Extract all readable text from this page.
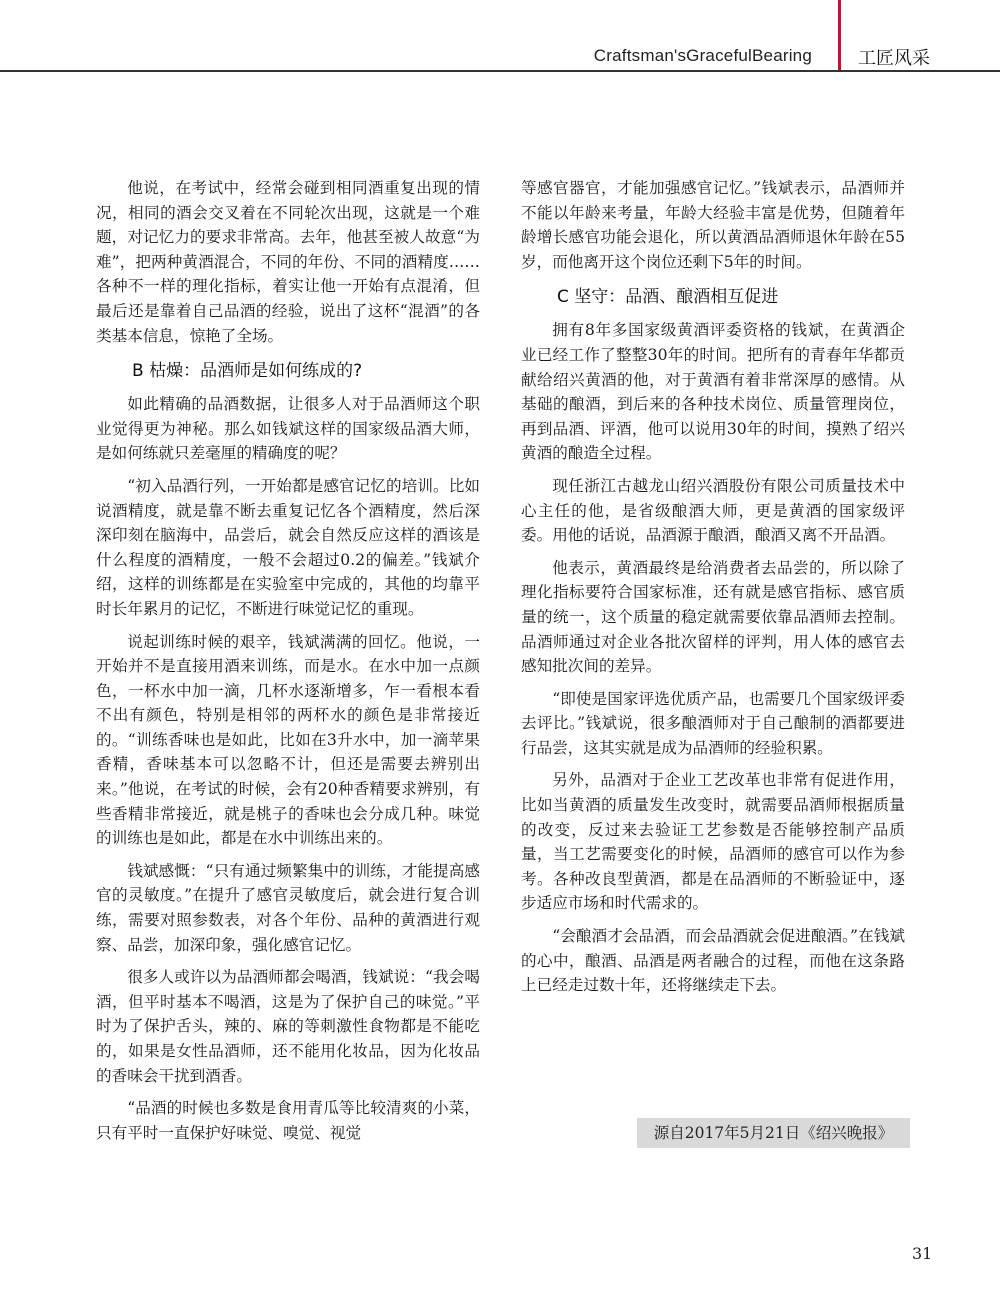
Craftsman'sGracefulBearing	工匠风采

他说，在考试中，经常会碰到相同酒重复出现的情况，相同的酒会交叉着在不同轮次出现，这就是一个难题，对记忆力的要求非常高。去年，他甚至被人故意“为难”，把两种黄酒混合，不同的年份、不同的酒精度……各种不一样的理化指标，着实让他一开始有点混淆，但最后还是靠着自己品酒的经验，说出了这杯“混酒”的各类基本信息，惊艳了全场。

B 枯燥：品酒师是如何练成的?

如此精确的品酒数据，让很多人对于品酒师这个职业觉得更为神秘。那么如钱斌这样的国家级品酒大师，是如何练就只差毫厘的精确度的呢？

“初入品酒行列，一开始都是感官记忆的培训。比如说酒精度，就是靠不断去重复记忆各个酒精度，然后深深印刻在脑海中，品尝后，就会自然反应这样的酒该是什么程度的酒精度，一般不会超过0.2的偏差。”钱斌介绍，这样的训练都是在实验室中完成的，其他的均靠平时长年累月的记忆，不断进行味觉记忆的重现。

说起训练时候的艰辛，钱斌满满的回忆。他说，一开始并不是直接用酒来训练，而是水。在水中加一点颜色，一杯水中加一滴，几杯水逐渐增多，乍一看根本看不出有颜色，特别是相邻的两杯水的颜色是非常接近的。“训练香味也是如此，比如在3升水中，加一滴苹果香精，香味基本可以忽略不计，但还是需要去辨别出来。”他说，在考试的时候，会有20种香精要求辨别，有些香精非常接近，就是桃子的香味也会分成几种。味觉的训练也是如此，都是在水中训练出来的。

钱斌感慨：“只有通过频繁集中的训练，才能提高感官的灵敏度。”在提升了感官灵敏度后，就会进行复合训练，需要对照参数表，对各个年份、品种的黄酒进行观察、品尝，加深印象，强化感官记忆。

很多人或许以为品酒师都会喝酒，钱斌说：“我会喝酒，但平时基本不喝酒，这是为了保护自己的味觉。”平时为了保护舌头，辣的、麻的等刺激性食物都是不能吃的，如果是女性品酒师，还不能用化妆品，因为化妆品的香味会干扰到酒香。

“品酒的时候也多数是食用青瓜等比较清爽的小菜，只有平时一直保护好味觉、嗅觉、视觉

等感官器官，才能加强感官记忆。”钱斌表示，品酒师并不能以年龄来考量，年龄大经验丰富是优势，但随着年龄增长感官功能会退化，所以黄酒品酒师退休年龄在55岁，而他离开这个岗位还剩下5年的时间。

C 坚守：品酒、酿酒相互促进

拥有8年多国家级黄酒评委资格的钱斌，在黄酒企业已经工作了整整30年的时间。把所有的青春年华都贡献给绍兴黄酒的他，对于黄酒有着非常深厚的感情。从基础的酿酒，到后来的各种技术岗位、质量管理岗位，再到品酒、评酒，他可以说用30年的时间，摸熟了绍兴黄酒的酿造全过程。

现任浙江古越龙山绍兴酒股份有限公司质量技术中心主任的他，是省级酿酒大师，更是黄酒的国家级评委。用他的话说，品酒源于酿酒，酿酒又离不开品酒。

他表示，黄酒最终是给消费者去品尝的，所以除了理化指标要符合国家标准，还有就是感官指标、感官质量的统一，这个质量的稳定就需要依靠品酒师去控制。品酒师通过对企业各批次留样的评判，用人体的感官去感知批次间的差异。

“即使是国家评选优质产品，也需要几个国家级评委去评比。”钱斌说，很多酿酒师对于自己酿制的酒都要进行品尝，这其实就是成为品酒师的经验积累。

另外，品酒对于企业工艺改革也非常有促进作用，比如当黄酒的质量发生改变时，就需要品酒师根据质量的改变，反过来去验证工艺参数是否能够控制产品质量，当工艺需要变化的时候，品酒师的感官可以作为参考。各种改良型黄酒，都是在品酒师的不断验证中，逐步适应市场和时代需求的。

“会酿酒才会品酒，而会品酒就会促进酿酒。”在钱斌的心中，酿酒、品酒是两者融合的过程，而他在这条路上已经走过数十年，还将继续走下去。

源自2017年5月21日《绍兴晚报》
31
